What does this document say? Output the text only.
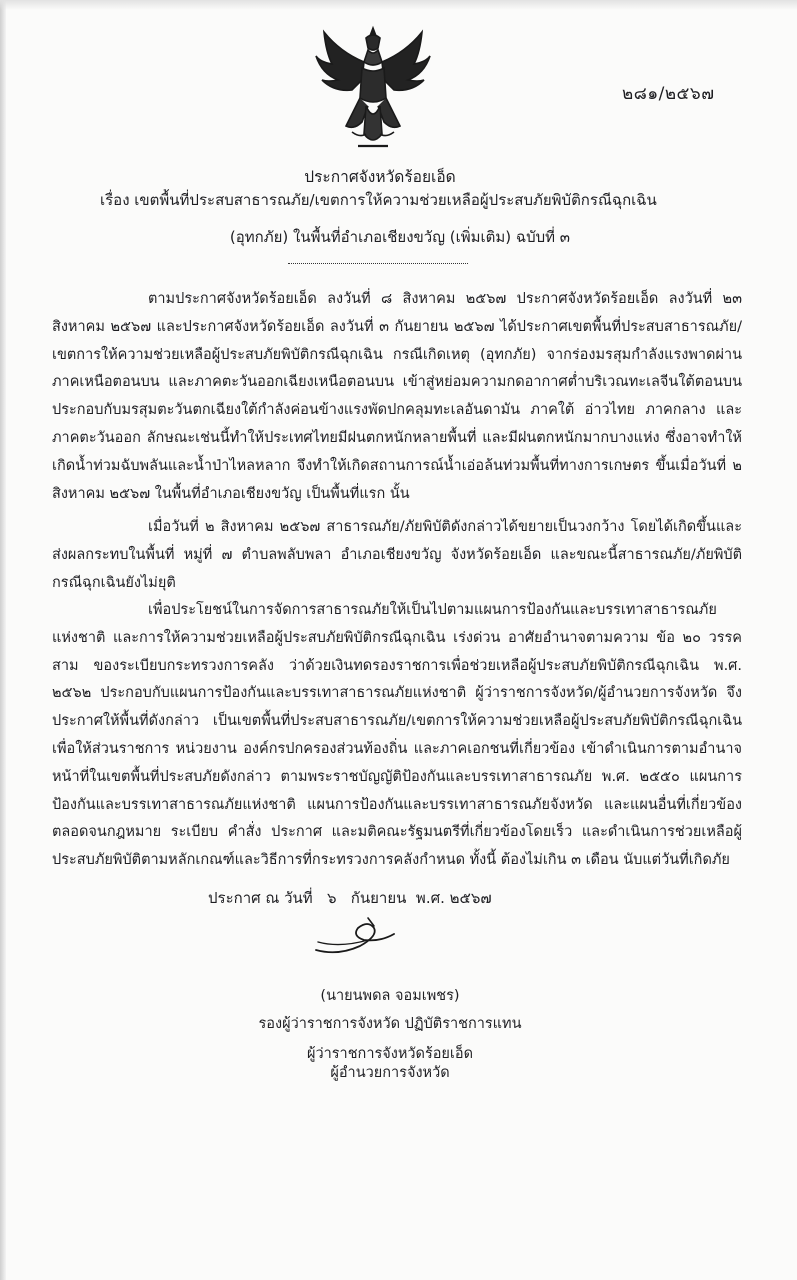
๒๘๑/๒๕๖๗
ประกาศจังหวัดร้อยเอ็ด
เรื่อง เขตพื้นที่ประสบสาธารณภัย/เขตการให้ความช่วยเหลือผู้ประสบภัยพิบัติกรณีฉุกเฉิน
(อุทกภัย) ในพื้นที่อำเภอเชียงขวัญ (เพิ่มเติม) ฉบับที่ ๓
ตามประกาศจังหวัดร้อยเอ็ด ลงวันที่ ๘ สิงหาคม ๒๕๖๗ ประกาศจังหวัดร้อยเอ็ด ลงวันที่ ๒๓ สิงหาคม ๒๕๖๗ และประกาศจังหวัดร้อยเอ็ด ลงวันที่ ๓ กันยายน ๒๕๖๗ ได้ประกาศเขตพื้นที่ประสบสาธารณภัย/เขตการให้ความช่วยเหลือผู้ประสบภัยพิบัติกรณีฉุกเฉิน กรณีเกิดเหตุ (อุทกภัย) จากร่องมรสุมกำลังแรงพาดผ่านภาคเหนือตอนบน และภาคตะวันออกเฉียงเหนือตอนบน เข้าสู่หย่อมความกดอากาศต่ำบริเวณทะเลจีนใต้ตอนบน ประกอบกับมรสุมตะวันตกเฉียงใต้กำลังค่อนข้างแรงพัดปกคลุมทะเลอันดามัน ภาคใต้ อ่าวไทย ภาคกลาง และภาคตะวันออก ลักษณะเช่นนี้ทำให้ประเทศไทยมีฝนตกหนักหลายพื้นที่ และมีฝนตกหนักมากบางแห่ง ซึ่งอาจทำให้เกิดน้ำท่วมฉับพลันและน้ำป่าไหลหลาก จึงทำให้เกิดสถานการณ์น้ำเอ่อล้นท่วมพื้นที่ทางการเกษตร ขึ้นเมื่อวันที่ ๒ สิงหาคม ๒๕๖๗ ในพื้นที่อำเภอเชียงขวัญ เป็นพื้นที่แรก นั้น
เมื่อวันที่ ๒ สิงหาคม ๒๕๖๗ สาธารณภัย/ภัยพิบัติดังกล่าวได้ขยายเป็นวงกว้าง โดยได้เกิดขึ้นและส่งผลกระทบในพื้นที่ หมู่ที่ ๗ ตำบลพลับพลา อำเภอเชียงขวัญ จังหวัดร้อยเอ็ด และขณะนี้สาธารณภัย/ภัยพิบัติกรณีฉุกเฉินยังไม่ยุติ
เพื่อประโยชน์ในการจัดการสาธารณภัยให้เป็นไปตามแผนการป้องกันและบรรเทาสาธารณภัยแห่งชาติ และการให้ความช่วยเหลือผู้ประสบภัยพิบัติกรณีฉุกเฉิน เร่งด่วน อาศัยอำนาจตามความ ข้อ ๒๐ วรรคสาม ของระเบียบกระทรวงการคลัง ว่าด้วยเงินทดรองราชการเพื่อช่วยเหลือผู้ประสบภัยพิบัติกรณีฉุกเฉิน พ.ศ. ๒๕๖๒ ประกอบกับแผนการป้องกันและบรรเทาสาธารณภัยแห่งชาติ ผู้ว่าราชการจังหวัด/ผู้อำนวยการจังหวัด จึงประกาศให้พื้นที่ดังกล่าว เป็นเขตพื้นที่ประสบสาธารณภัย/เขตการให้ความช่วยเหลือผู้ประสบภัยพิบัติกรณีฉุกเฉิน เพื่อให้ส่วนราชการ หน่วยงาน องค์กรปกครองส่วนท้องถิ่น และภาคเอกชนที่เกี่ยวข้อง เข้าดำเนินการตามอำนาจหน้าที่ในเขตพื้นที่ประสบภัยดังกล่าว ตามพระราชบัญญัติป้องกันและบรรเทาสาธารณภัย พ.ศ. ๒๕๕๐ แผนการป้องกันและบรรเทาสาธารณภัยแห่งชาติ แผนการป้องกันและบรรเทาสาธารณภัยจังหวัด และแผนอื่นที่เกี่ยวข้อง ตลอดจนกฎหมาย ระเบียบ คำสั่ง ประกาศ และมติคณะรัฐมนตรีที่เกี่ยวข้องโดยเร็ว และดำเนินการช่วยเหลือผู้ประสบภัยพิบัติตามหลักเกณฑ์และวิธีการที่กระทรวงการคลังกำหนด ทั้งนี้ ต้องไม่เกิน ๓ เดือน นับแต่วันที่เกิดภัย
ประกาศ ณ วันที่   ๖   กันยายน  พ.ศ. ๒๕๖๗
(นายนพดล จอมเพชร)
รองผู้ว่าราชการจังหวัด ปฏิบัติราชการแทน
ผู้ว่าราชการจังหวัดร้อยเอ็ด
ผู้อำนวยการจังหวัด
